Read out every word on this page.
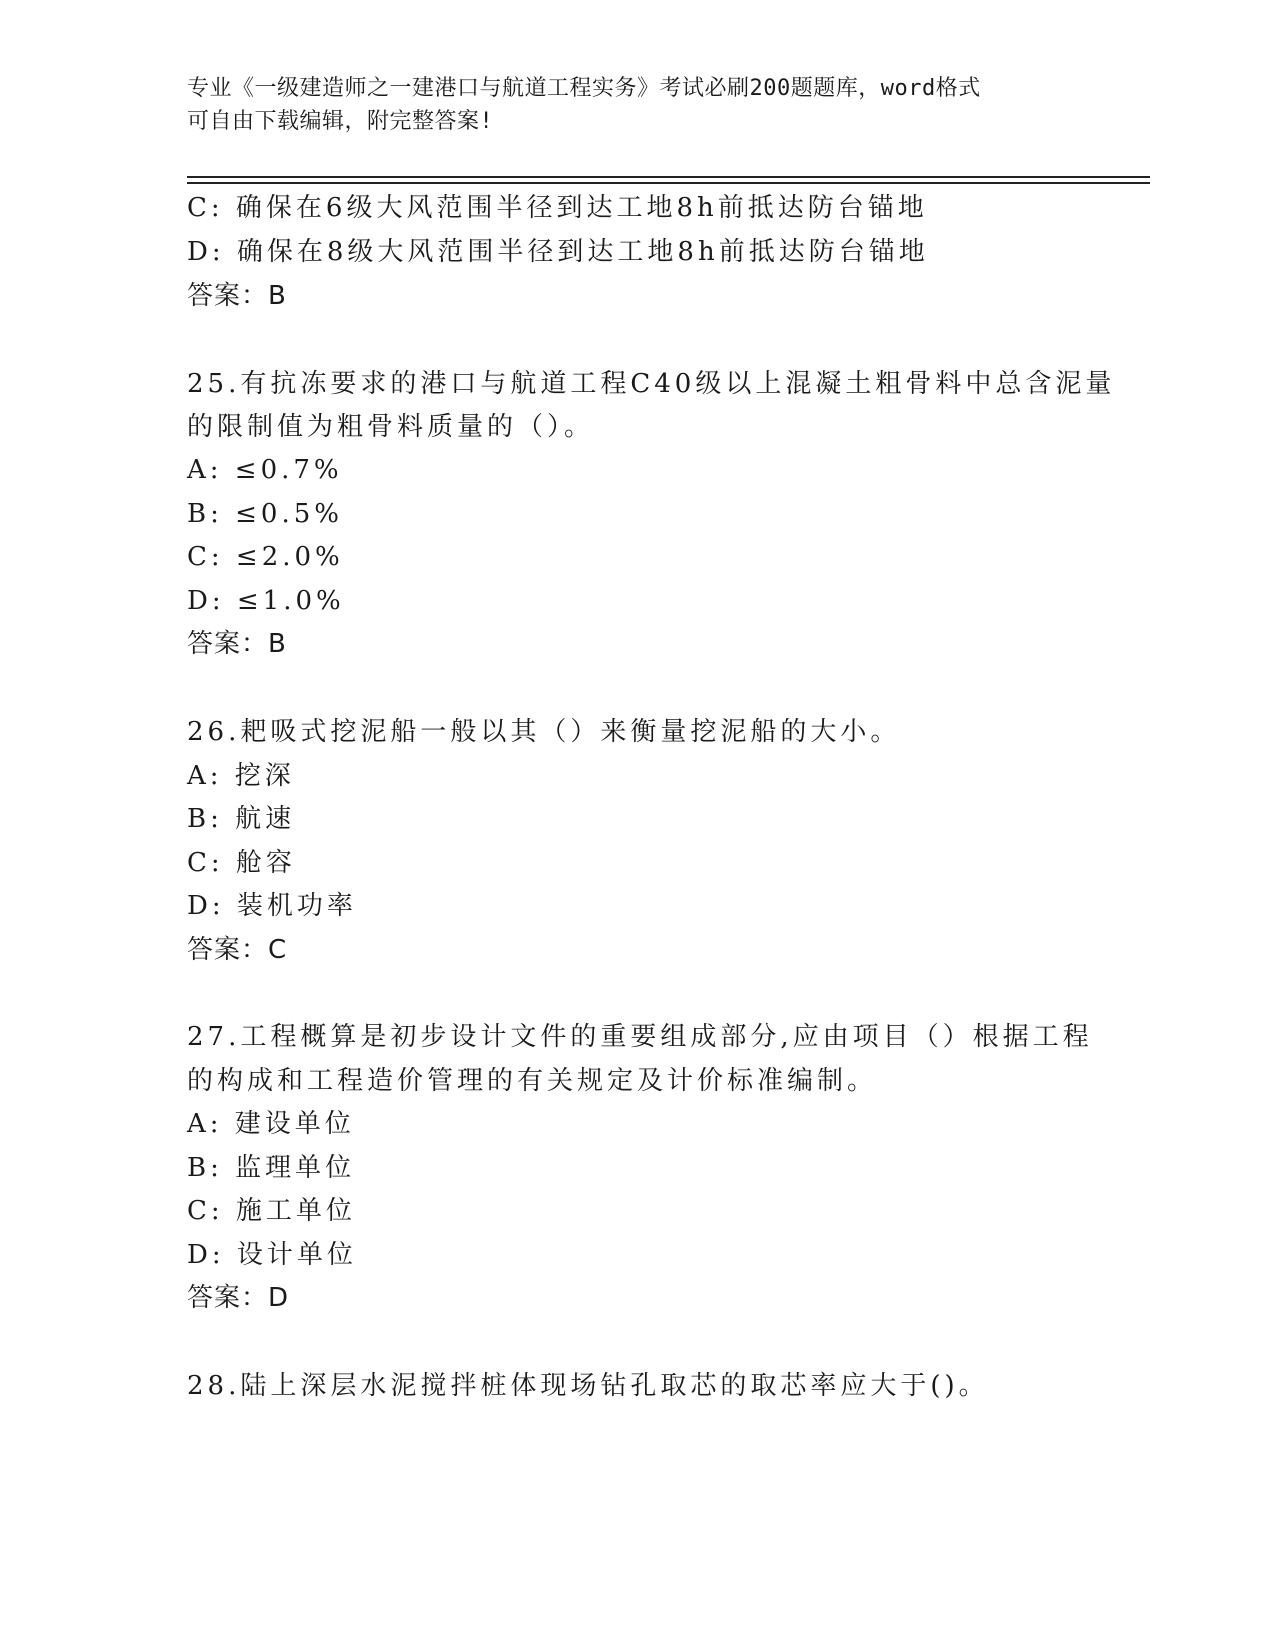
专业《一级建造师之一建港口与航道工程实务》考试必刷200题题库，word格式
可自由下载编辑，附完整答案!
C: 确保在6级大风范围半径到达工地8h前抵达防台锚地
D: 确保在8级大风范围半径到达工地8h前抵达防台锚地
答案：B
25.有抗冻要求的港口与航道工程C40级以上混凝土粗骨料中总含泥量
的限制值为粗骨料质量的（）。
A: ≤0.7%
B: ≤0.5%
C: ≤2.0%
D: ≤1.0%
答案：B
26.耙吸式挖泥船一般以其（）来衡量挖泥船的大小。
A: 挖深
B: 航速
C: 舱容
D: 装机功率
答案：C
27.工程概算是初步设计文件的重要组成部分,应由项目（）根据工程
的构成和工程造价管理的有关规定及计价标准编制。
A: 建设单位
B: 监理单位
C: 施工单位
D: 设计单位
答案：D
28.陆上深层水泥搅拌桩体现场钻孔取芯的取芯率应大于()。
